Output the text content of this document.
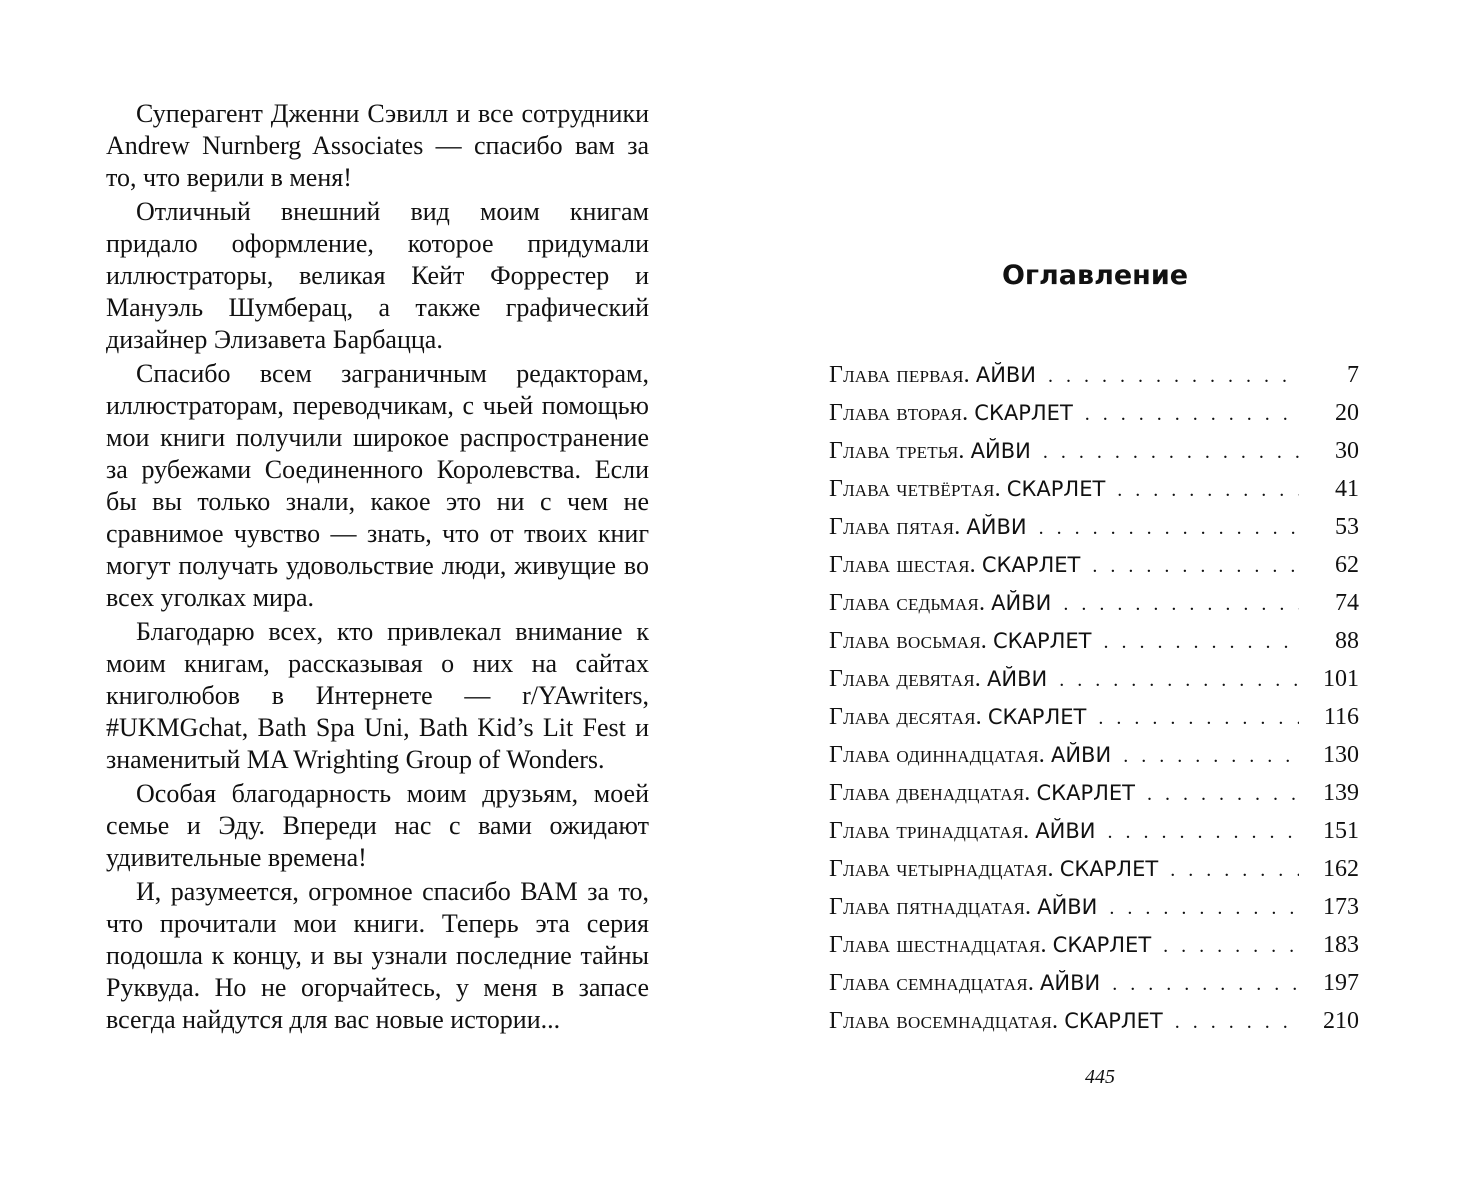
Суперагент Дженни Сэвилл и все сотрудники Andrew Nurnberg Associates — спасибо вам за то, что верили в меня!

Отличный внешний вид моим книгам придало оформление, которое придумали иллюстраторы, великая Кейт Форрестер и Мануэль Шумберац, а также графический дизайнер Элизавета Барбацца.

Спасибо всем заграничным редакторам, иллюстраторам, переводчикам, с чьей помощью мои книги получили широкое распространение за рубежами Соединенного Королевства. Если бы вы только знали, какое это ни с чем не сравнимое чувство — знать, что от твоих книг могут получать удовольствие люди, живущие во всех уголках мира.

Благодарю всех, кто привлекал внимание к моим книгам, рассказывая о них на сайтах книголюбов в Интернете — r/YAwriters, #UKMGchat, Bath Spa Uni, Bath Kid’s Lit Fest и знаменитый MA Wrighting Group of Wonders.

Особая благодарность моим друзьям, моей семье и Эду. Впереди нас с вами ожидают удивительные времена!

И, разумеется, огромное спасибо ВАМ за то, что прочитали мои книги. Теперь эта серия подошла к концу, и вы узнали последние тайны Руквуда. Но не огорчайтесь, у меня в запасе всегда найдутся для вас новые истории...

Оглавление
Глава первая. АЙВИ . . .	7
Глава вторая. СКАРЛЕТ . . .	20
Глава третья. АЙВИ . . .	30
Глава четвёртая. СКАРЛЕТ . . .	41
Глава пятая. АЙВИ . . .	53
Глава шестая. СКАРЛЕТ . . .	62
Глава седьмая. АЙВИ . . .	74
Глава восьмая. СКАРЛЕТ . . .	88
Глава девятая. АЙВИ . . .	101
Глава десятая. СКАРЛЕТ . . .	116
Глава одиннадцатая. АЙВИ . . .	130
Глава двенадцатая. СКАРЛЕТ . . .	139
Глава тринадцатая. АЙВИ . . .	151
Глава четырнадцатая. СКАРЛЕТ . . .	162
Глава пятнадцатая. АЙВИ . . .	173
Глава шестнадцатая. СКАРЛЕТ . . .	183
Глава семнадцатая. АЙВИ . . .	197
Глава восемнадцатая. СКАРЛЕТ . . .	210
445
